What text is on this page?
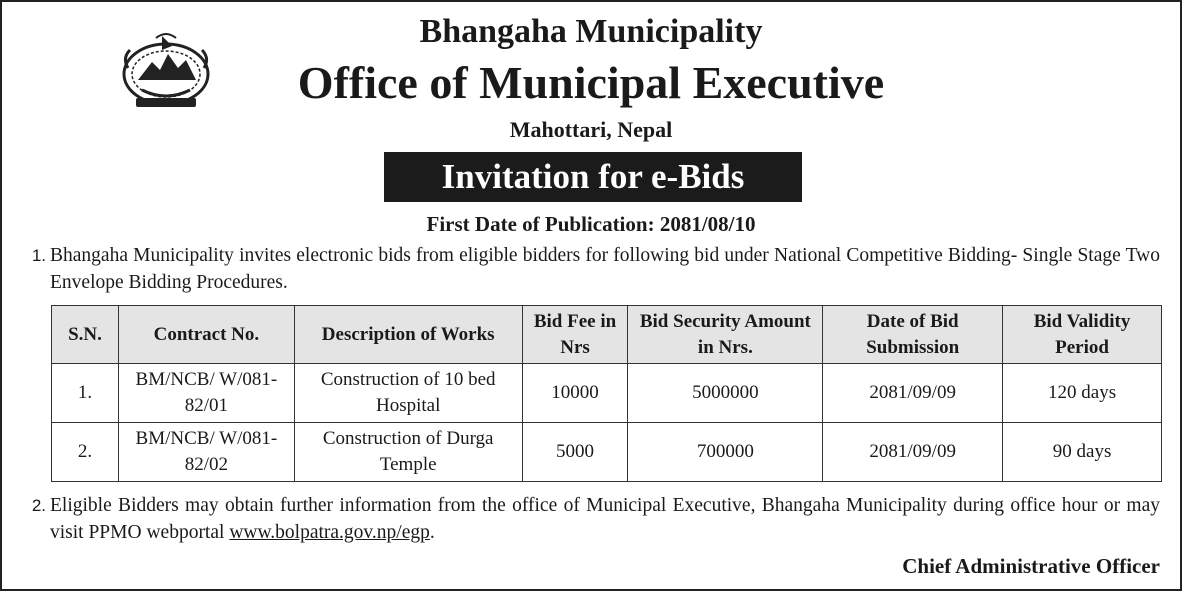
Bhangaha Municipality
Office of Municipal Executive
Mahottari, Nepal
Invitation for e-Bids
First Date of Publication: 2081/08/10
1. Bhangaha Municipality invites electronic bids from eligible bidders for following bid under National Competitive Bidding- Single Stage Two Envelope Bidding Procedures.
S.N.	Contract No.	Description of Works	Bid Fee in Nrs	Bid Security Amount in Nrs.	Date of Bid Submission	Bid Validity Period
1.	BM/NCB/ W/081-82/01	Construction of 10 bed Hospital	10000	5000000	2081/09/09	120 days
2.	BM/NCB/ W/081-82/02	Construction of Durga Temple	5000	700000	2081/09/09	90 days
2. Eligible Bidders may obtain further information from the office of Municipal Executive, Bhangaha Municipality during office hour or may visit PPMO webportal www.bolpatra.gov.np/egp.
Chief Administrative Officer
